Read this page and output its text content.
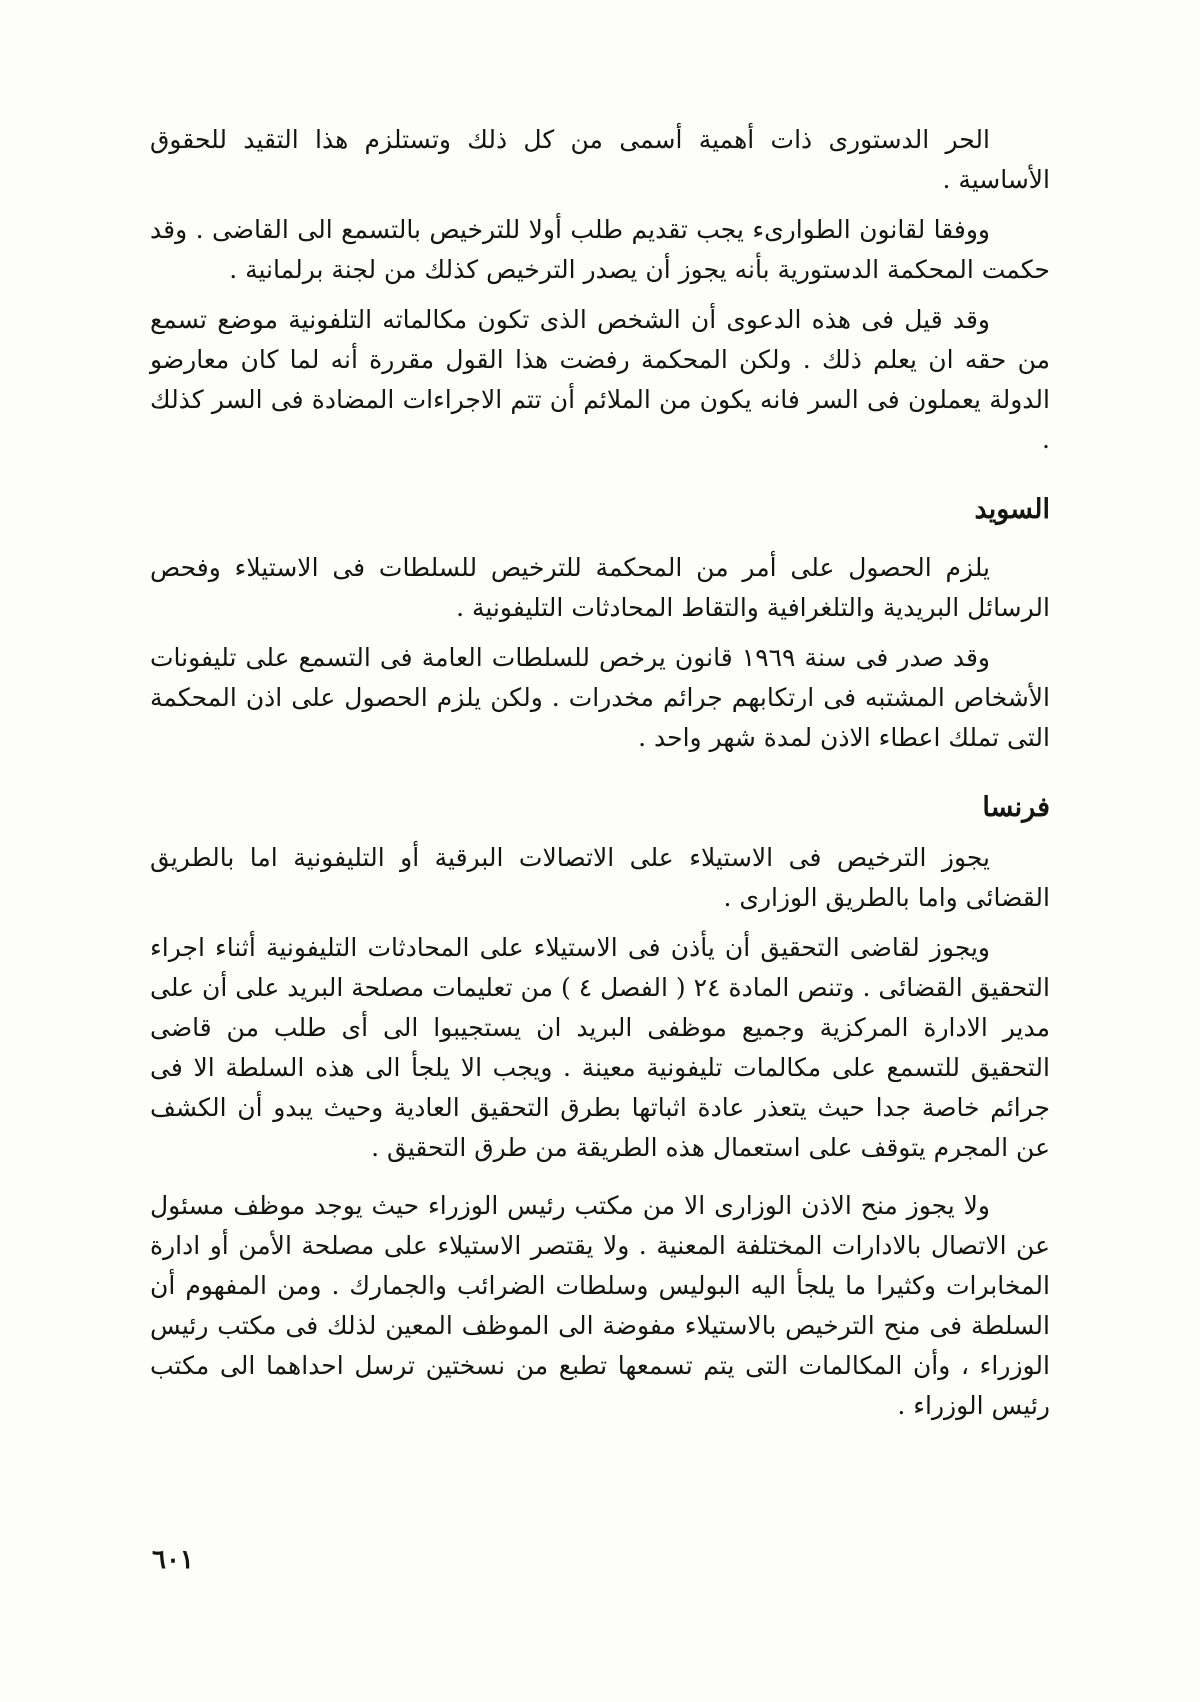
الحر الدستورى ذات أهمية أسمى من كل ذلك وتستلزم هذا التقيد للحقوق الأساسية .

ووفقا لقانون الطوارىء يجب تقديم طلب أولا للترخيص بالتسمع الى القاضى . وقد حكمت المحكمة الدستورية بأنه يجوز أن يصدر الترخيص كذلك من لجنة برلمانية .

وقد قيل فى هذه الدعوى أن الشخص الذى تكون مكالماته التلفونية موضع تسمع من حقه ان يعلم ذلك . ولكن المحكمة رفضت هذا القول مقررة أنه لما كان معارضو الدولة يعملون فى السر فانه يكون من الملائم أن تتم الاجراءات المضادة فى السر كذلك .

السويد

يلزم الحصول على أمر من المحكمة للترخيص للسلطات فى الاستيلاء وفحص الرسائل البريدية والتلغرافية والتقاط المحادثات التليفونية .

وقد صدر فى سنة ١٩٦٩ قانون يرخص للسلطات العامة فى التسمع على تليفونات الأشخاص المشتبه فى ارتكابهم جرائم مخدرات . ولكن يلزم الحصول على اذن المحكمة التى تملك اعطاء الاذن لمدة شهر واحد .

فرنسا

يجوز الترخيص فى الاستيلاء على الاتصالات البرقية أو التليفونية اما بالطريق القضائى واما بالطريق الوزارى .

ويجوز لقاضى التحقيق أن يأذن فى الاستيلاء على المحادثات التليفونية أثناء اجراء التحقيق القضائى . وتنص المادة ٢٤ ( الفصل ٤ ) من تعليمات مصلحة البريد على أن على مدير الادارة المركزية وجميع موظفى البريد ان يستجيبوا الى أى طلب من قاضى التحقيق للتسمع على مكالمات تليفونية معينة . ويجب الا يلجأ الى هذه السلطة الا فى جرائم خاصة جدا حيث يتعذر عادة اثباتها بطرق التحقيق العادية وحيث يبدو أن الكشف عن المجرم يتوقف على استعمال هذه الطريقة من طرق التحقيق .

ولا يجوز منح الاذن الوزارى الا من مكتب رئيس الوزراء حيث يوجد موظف مسئول عن الاتصال بالادارات المختلفة المعنية . ولا يقتصر الاستيلاء على مصلحة الأمن أو ادارة المخابرات وكثيرا ما يلجأ اليه البوليس وسلطات الضرائب والجمارك . ومن المفهوم أن السلطة فى منح الترخيص بالاستيلاء مفوضة الى الموظف المعين لذلك فى مكتب رئيس الوزراء ، وأن المكالمات التى يتم تسمعها تطبع من نسختين ترسل احداهما الى مكتب رئيس الوزراء .

٦٠١
